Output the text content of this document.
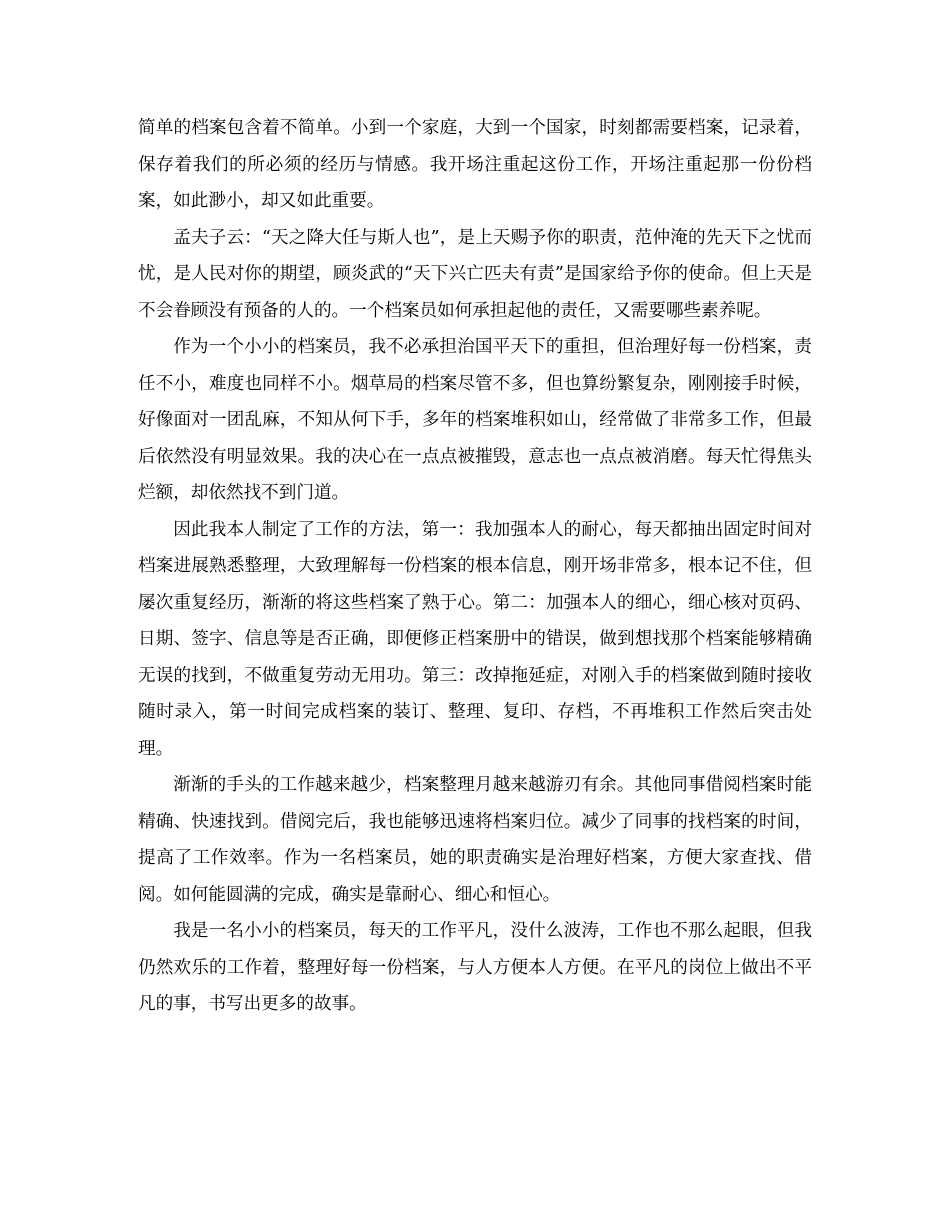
简单的档案包含着不简单。小到一个家庭，大到一个国家，时刻都需要档案，记录着，保存着我们的所必须的经历与情感。我开场注重起这份工作，开场注重起那一份份档案，如此渺小，却又如此重要。

孟夫子云：“天之降大任与斯人也”，是上天赐予你的职责，范仲淹的先天下之忧而忧，是人民对你的期望，顾炎武的“天下兴亡匹夫有责”是国家给予你的使命。但上天是不会眷顾没有预备的人的。一个档案员如何承担起他的责任，又需要哪些素养呢。

作为一个小小的档案员，我不必承担治国平天下的重担，但治理好每一份档案，责任不小，难度也同样不小。烟草局的档案尽管不多，但也算纷繁复杂，刚刚接手时候，好像面对一团乱麻，不知从何下手，多年的档案堆积如山，经常做了非常多工作，但最后依然没有明显效果。我的决心在一点点被摧毁，意志也一点点被消磨。每天忙得焦头烂额，却依然找不到门道。

因此我本人制定了工作的方法，第一：我加强本人的耐心，每天都抽出固定时间对档案进展熟悉整理，大致理解每一份档案的根本信息，刚开场非常多，根本记不住，但屡次重复经历，渐渐的将这些档案了熟于心。第二：加强本人的细心，细心核对页码、日期、签字、信息等是否正确，即便修正档案册中的错误，做到想找那个档案能够精确无误的找到，不做重复劳动无用功。第三：改掉拖延症，对刚入手的档案做到随时接收随时录入，第一时间完成档案的装订、整理、复印、存档，不再堆积工作然后突击处理。

渐渐的手头的工作越来越少，档案整理月越来越游刃有余。其他同事借阅档案时能精确、快速找到。借阅完后，我也能够迅速将档案归位。减少了同事的找档案的时间，提高了工作效率。作为一名档案员，她的职责确实是治理好档案，方便大家查找、借阅。如何能圆满的完成，确实是靠耐心、细心和恒心。

我是一名小小的档案员，每天的工作平凡，没什么波涛，工作也不那么起眼，但我仍然欢乐的工作着，整理好每一份档案，与人方便本人方便。在平凡的岗位上做出不平凡的事，书写出更多的故事。
